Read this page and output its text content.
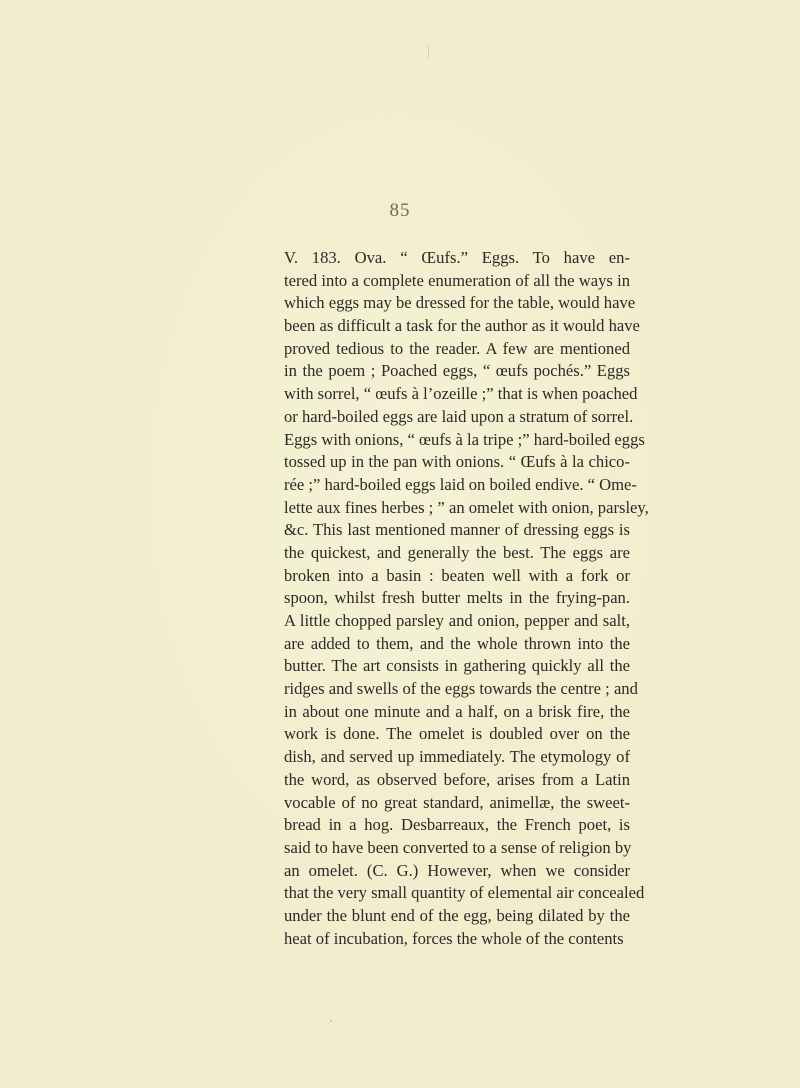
85
V. 183. Ova. “ Œufs.” Eggs. To have en-
tered into a complete enumeration of all the ways in
which eggs may be dressed for the table, would have
been as difficult a task for the author as it would have
proved tedious to the reader. A few are mentioned
in the poem ; Poached eggs, “ œufs pochés.” Eggs
with sorrel, “ œufs à l’ozeille ;” that is when poached
or hard-boiled eggs are laid upon a stratum of sorrel.
Eggs with onions, “ œufs à la tripe ;” hard-boiled eggs
tossed up in the pan with onions. “ Œufs à la chico-
rée ;” hard-boiled eggs laid on boiled endive. “ Ome-
lette aux fines herbes ; ” an omelet with onion, parsley,
&c. This last mentioned manner of dressing eggs is
the quickest, and generally the best. The eggs are
broken into a basin : beaten well with a fork or
spoon, whilst fresh butter melts in the frying-pan.
A little chopped parsley and onion, pepper and salt,
are added to them, and the whole thrown into the
butter. The art consists in gathering quickly all the
ridges and swells of the eggs towards the centre ; and
in about one minute and a half, on a brisk fire, the
work is done. The omelet is doubled over on the
dish, and served up immediately. The etymology of
the word, as observed before, arises from a Latin
vocable of no great standard, animellæ, the sweet-
bread in a hog. Desbarreaux, the French poet, is
said to have been converted to a sense of religion by
an omelet. (C. G.) However, when we consider
that the very small quantity of elemental air concealed
under the blunt end of the egg, being dilated by the
heat of incubation, forces the whole of the contents
